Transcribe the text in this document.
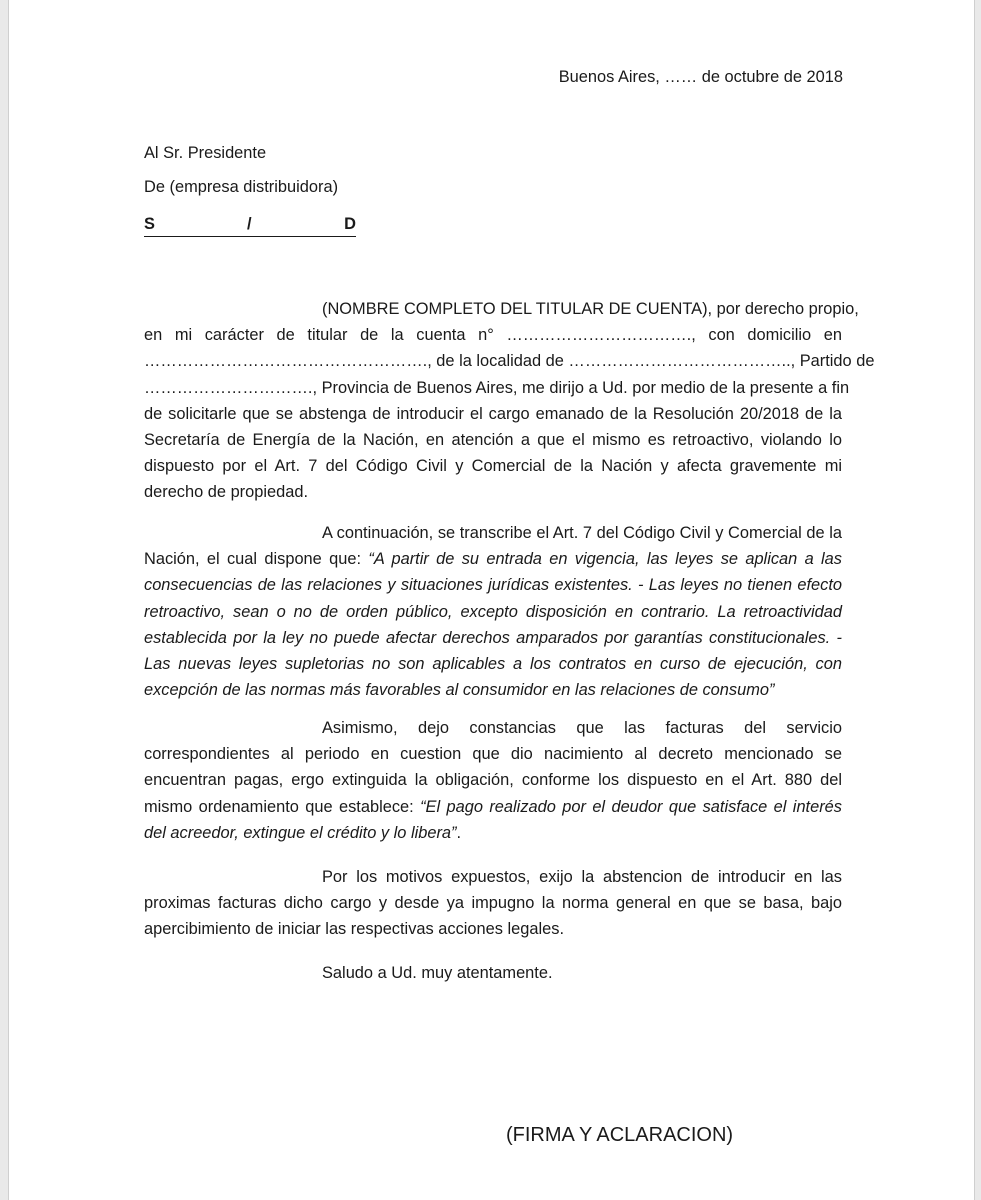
Buenos Aires, …… de octubre de 2018
Al Sr. Presidente
De (empresa distribuidora)
S	/	D
(NOMBRE COMPLETO DEL TITULAR DE CUENTA), por derecho propio,
en mi carácter de titular de la cuenta n° ……………………………., con domicilio en
……………………………………………., de la localidad de ………………………………….., Partido de
…………………………., Provincia de Buenos Aires, me dirijo a Ud. por medio de la presente a fin
de solicitarle que se abstenga de introducir el cargo emanado de la Resolución 20/2018 de la
Secretaría de Energía de la Nación, en atención a que el mismo es retroactivo, violando lo
dispuesto por el Art. 7 del Código Civil y Comercial de la Nación y afecta gravemente mi
derecho de propiedad.
A continuación, se transcribe el Art. 7 del Código Civil y Comercial de la
Nación, el cual dispone que: “A partir de su entrada en vigencia, las leyes se aplican a las
consecuencias de las relaciones y situaciones jurídicas existentes. - Las leyes no tienen efecto
retroactivo, sean o no de orden público, excepto disposición en contrario. La retroactividad
establecida por la ley no puede afectar derechos amparados por garantías constitucionales. -
Las nuevas leyes supletorias no son aplicables a los contratos en curso de ejecución, con
excepción de las normas más favorables al consumidor en las relaciones de consumo”
Asimismo, dejo constancias que las facturas del servicio
correspondientes al periodo en cuestion que dio nacimiento al decreto mencionado se
encuentran pagas, ergo extinguida la obligación, conforme los dispuesto en el Art. 880 del
mismo ordenamiento que establece: “El pago realizado por el deudor que satisface el interés
del acreedor, extingue el crédito y lo libera”.
Por los motivos expuestos, exijo la abstencion de introducir en las
proximas facturas dicho cargo y desde ya impugno la norma general en que se basa, bajo
apercibimiento de iniciar las respectivas acciones legales.
Saludo a Ud. muy atentamente.
(FIRMA Y ACLARACION)
